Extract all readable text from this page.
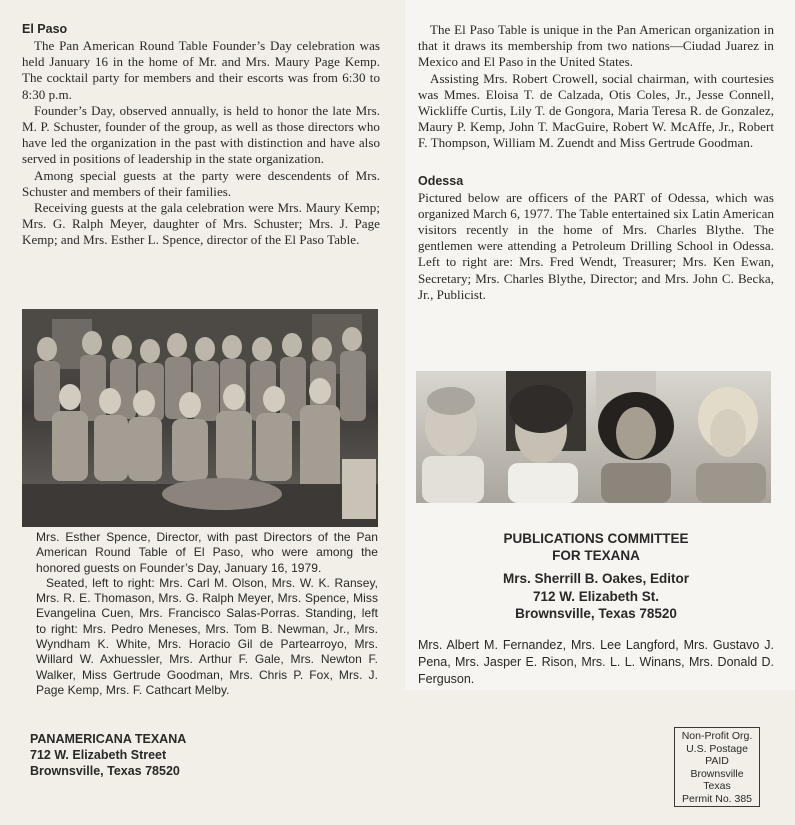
El Paso

The Pan American Round Table Founder’s Day celebration was held January 16 in the home of Mr. and Mrs. Maury Page Kemp. The cocktail party for members and their escorts was from 6:30 to 8:30 p.m.

Founder’s Day, observed annually, is held to honor the late Mrs. M. P. Schuster, founder of the group, as well as those directors who have led the organization in the past with distinction and have also served in positions of leadership in the state organization.

Among special guests at the party were descendents of Mrs. Schuster and members of their families.

Receiving guests at the gala celebration were Mrs. Maury Kemp; Mrs. G. Ralph Meyer, daughter of Mrs. Schuster; Mrs. J. Page Kemp; and Mrs. Esther L. Spence, director of the El Paso Table.

Mrs. Esther Spence, Director, with past Directors of the Pan American Round Table of El Paso, who were among the honored guests on Founder’s Day, January 16, 1979.

Seated, left to right: Mrs. Carl M. Olson, Mrs. W. K. Ransey, Mrs. R. E. Thomason, Mrs. G. Ralph Meyer, Mrs. Spence, Miss Evangelina Cuen, Mrs. Francisco Salas-Porras. Standing, left to right: Mrs. Pedro Meneses, Mrs. Tom B. Newman, Jr., Mrs. Wyndham K. White, Mrs. Horacio Gil de Partearroyo, Mrs. Willard W. Axhuessler, Mrs. Arthur F. Gale, Mrs. Newton F. Walker, Miss Gertrude Goodman, Mrs. Chris P. Fox, Mrs. J. Page Kemp, Mrs. F. Cathcart Melby.

PANAMERICANA TEXANA
712 W. Elizabeth Street
Brownsville, Texas 78520

The El Paso Table is unique in the Pan American organization in that it draws its membership from two nations—Ciudad Juarez in Mexico and El Paso in the United States.

Assisting Mrs. Robert Crowell, social chairman, with courtesies was Mmes. Eloisa T. de Calzada, Otis Coles, Jr., Jesse Connell, Wickliffe Curtis, Lily T. de Gongora, Maria Teresa R. de Gonzalez, Maury P. Kemp, John T. MacGuire, Robert W. McAffe, Jr., Robert F. Thompson, William M. Zuendt and Miss Gertrude Goodman.

Odessa

Pictured below are officers of the PART of Odessa, which was organized March 6, 1977. The Table entertained six Latin American visitors recently in the home of Mrs. Charles Blythe. The gentlemen were attending a Petroleum Drilling School in Odessa. Left to right are: Mrs. Fred Wendt, Treasurer; Mrs. Ken Ewan, Secretary; Mrs. Charles Blythe, Director; and Mrs. John C. Becka, Jr., Publicist.

PUBLICATIONS COMMITTEE
FOR TEXANA
Mrs. Sherrill B. Oakes, Editor
712 W. Elizabeth St.
Brownsville, Texas 78520
Mrs. Albert M. Fernandez, Mrs. Lee Langford, Mrs. Gustavo J. Pena, Mrs. Jasper E. Rison, Mrs. L. L. Winans, Mrs. Donald D. Ferguson.
Non-Profit Org.
U.S. Postage
PAID
Brownsville
Texas
Permit No. 385
